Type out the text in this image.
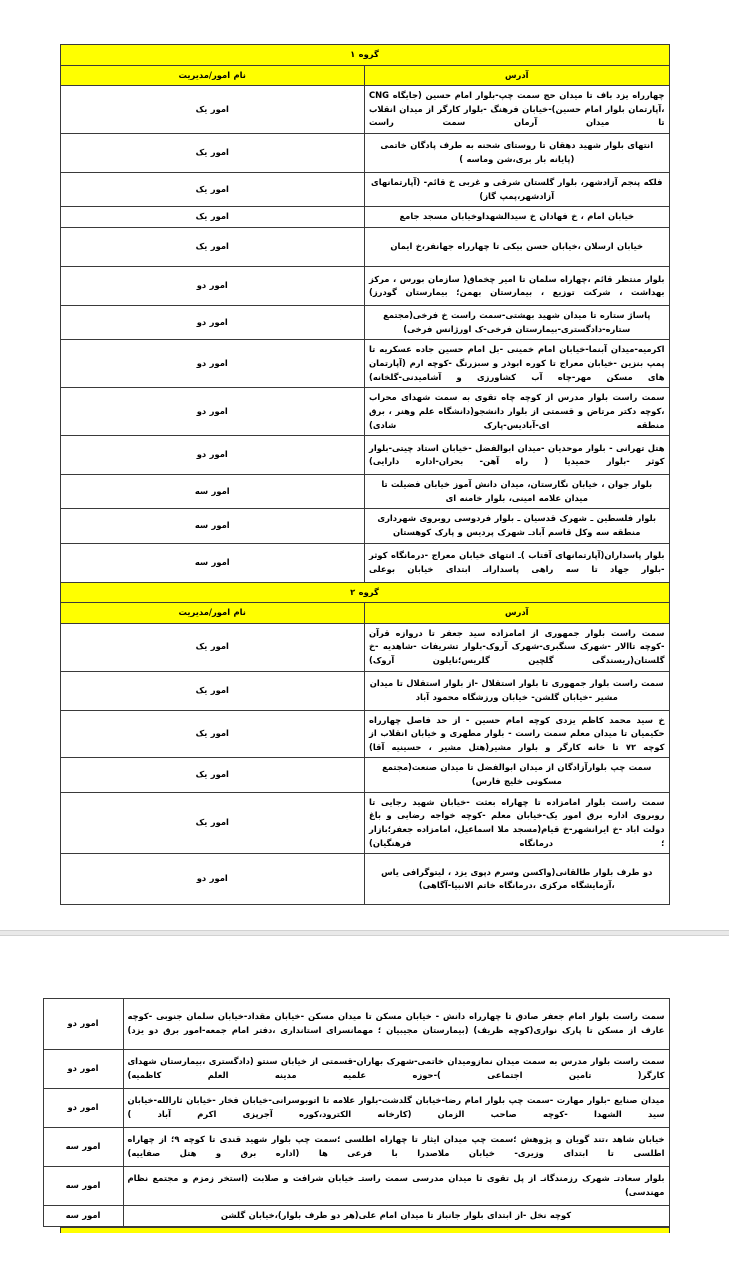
گروه ۱	
آدرس	نام امور/مدیریت
چهارراه یزد باف تا میدان حج سمت چپ-بلوار امام حسین (جایگاه CNG ،آپارتمان بلوار امام حسین)-خیابان فرهنگ -بلوار کارگر از میدان انقلاب تا میدان آرمان سمت راست	امور یک
انتهای بلوار شهید دهقان تا روستای شحنه به طرف پادگان خاتمی (پایانه بار بری،شن وماسه )	امور یک
فلکه پنجم آزادشهر، بلوار گلستان شرقی و غربی خ قائم- (آپارتمانهای آزادشهر،پمپ گاز)	امور یک
خیابان امام ، خ فهادان خ سیدالشهداوخیابان مسجد جامع	امور یک
خیابان ارسلان ،خیابان حسن بیکی تا چهارراه جهانفر،خ ایمان	امور یک
بلوار منتظر قائم ،چهاراه سلمان تا امیر چخماق( سازمان بورس ، مرکز بهداشت ، شرکت توزیع ، بیمارستان بهمن؛ بیمارستان گودرز)	امور دو
پاساژ ستاره تا میدان شهید بهشتی-سمت راست خ فرخی(مجتمع ستاره-دادگستری-بیمارستان فرخی-ک اورژانس فرخی)	امور دو
اکرمیه-میدان آبنما-خیابان امام خمینی -بل امام حسین جاده عسکریه تا پمپ بنزین -خیابان معراج تا کوره ابوذر و سبزرنگ -کوچه ارم (آپارتمان های مسکن مهر-چاه آب کشاورزی و آشامیدنی-گلخانه)	امور دو
سمت راست بلوار مدرس از کوچه چاه تقوی به سمت شهدای محراب ،کوچه دکتر مرتاض و قسمتی از بلوار دانشجو(دانشگاه علم وهنر ، برق منطقه ای-آبادیس-پارک شادی)	امور دو
هتل تهرانی - بلوار موحدیان -میدان ابوالفضل -خیابان استاد چیتی-بلوار کوثر -بلوار حمیدیا ( راه آهن- بحران-اداره دارایی)	امور دو
بلوار جوان ، خیابان نگارستان، میدان دانش آموز خیابان فضیلت تا میدان علامه امینی، بلوار خامنه ای	امور سه
بلوار فلسطین ـ شهرک قدسیان ـ بلوار فردوسی روبروی شهرداری منطقه سه وکل قاسم آبادـ شهرک پردیس و پارک کوهستان	امور سه
بلوار پاسداران(آپارتمانهای آفتاب )ـ انتهای خیابان معراج -درمانگاه کوثر -بلوار جهاد تا سه راهی پاسدارانـ ابتدای خیابان بوعلی	امور سه
گروه ۲	
آدرس	نام امور/مدیریت
سمت راست بلوار جمهوری از امامزاده سید جعفر تا دروازه قرآن -کوچه تاالار -شهرک سنگبری-شهرک آروک-بلوار تشریفات -شاهدیه -خ گلستان(ریسندگی گلچین گلریس؛نایلون آروک)	امور یک
سمت راست بلوار جمهوری تا بلوار استقلال -از بلوار استقلال تا میدان مشیر -خیابان گلشن- خیابان ورزشگاه محمود آباد	امور یک
خ سید محمد کاظم یزدی کوچه امام حسین - از حد فاصل چهارراه حکیمیان تا میدان معلم سمت راست - بلوار مطهری و خیابان انقلاب از کوچه ۷۲ تا خانه کارگر و بلوار مشیر(هتل مشیر ، حسینیه آقا)	امور یک
سمت چپ بلوارآزادگان از میدان ابوالفضل تا میدان صنعت(مجتمع مسکونی خلیج فارس)	امور یک
سمت راست بلوار امامزاده تا چهاراه بعثت -خیابان شهید رجایی تا روبروی اداره برق امور یک-خیابان معلم -کوچه خواجه رضایی و باغ دولت اباد -خ ایرانشهر-خ قیام(مسجد ملا اسماعیل، امامزاده جعفر؛بازار ؛ درمانگاه فرهنگیان)	امور یک
دو طرف بلوار طالقانی(واکسن وسرم دپوی یزد ، لیتوگرافی یاس ،آزمایشگاه مرکزی ،درمانگاه خاتم الانبیا-آگاهی)	امور دو
سمت راست بلوار امام جعفر صادق تا چهارراه دانش - خیابان مسکن تا میدان مسکن -خیابان مقداد-خیابان سلمان جنوبی -کوچه عارف از مسکن تا پارک نواری(کوچه ظریف) (بیمارستان مجیبیان ؛ مهمانسرای استانداری ،دفتر امام جمعه-امور برق دو یزد)	امور دو
سمت راست بلوار مدرس به سمت میدان نمازومیدان خاتمی-شهرک بهاران-قسمتی از خیابان سنتو (دادگستری ،بیمارستان شهدای کارگر( تامین اجتماعی )-حوزه علمیه مدینه العلم کاظمیه)	امور دو
میدان صنایع -بلوار مهارت -سمت چپ بلوار امام رضا-خیابان گلدشت-بلوار علامه تا اتوبوسرانی-خیابان فخار -خیابان ثارالله-خیابان سید الشهدا -کوچه صاحب الزمان (کارخانه الکترود،کوره آجرپزی اکرم آباد )	امور دو
خیابان شاهد ،تند گویان و پژوهش ؛سمت چپ میدان ایثار تا چهاراه اطلسی ؛سمت چپ بلوار شهید قندی تا کوچه ۹؛ از چهاراه اطلسی تا ابتدای وزیری- خیابان ملاصدرا با فرعی ها (اداره برق و هتل صفاییه)	امور سه
بلوار سعادتـ شهرک رزمندگانـ از پل تقوی تا میدان مدرسی سمت راستـ خیابان شرافت و صلابت (استخر زمزم و مجتمع نظام مهندسی)	امور سه
کوچه نخل -از ابتدای بلوار جانباز تا میدان امام علی(هر دو طرف بلوار)،خیابان گلشن	امور سه
